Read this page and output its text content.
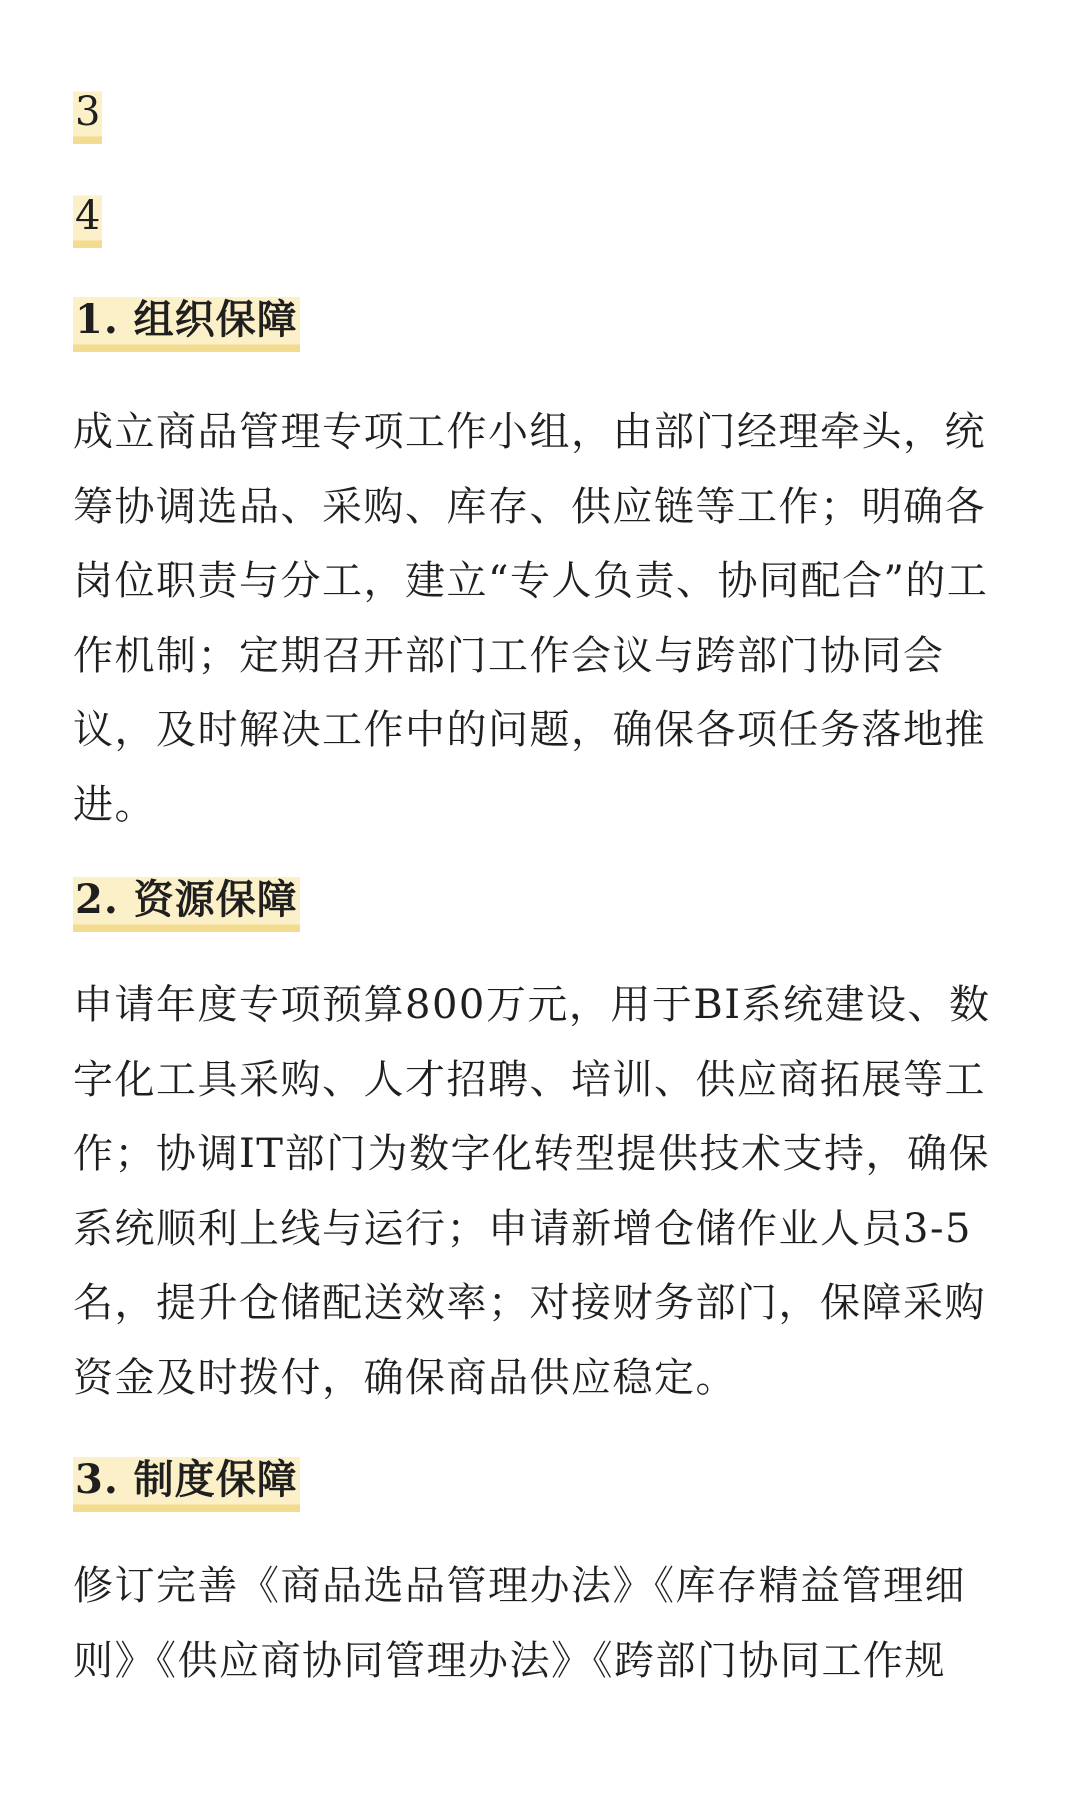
3
4
1. 组织保障
成立商品管理专项工作小组，由部门经理牵头，统筹协调选品、采购、库存、供应链等工作；明确各岗位职责与分工，建立“专人负责、协同配合”的工作机制；定期召开部门工作会议与跨部门协同会议，及时解决工作中的问题，确保各项任务落地推进。
2. 资源保障
申请年度专项预算800万元，用于BI系统建设、数字化工具采购、人才招聘、培训、供应商拓展等工作；协调IT部门为数字化转型提供技术支持，确保系统顺利上线与运行；申请新增仓储作业人员3-5名，提升仓储配送效率；对接财务部门，保障采购资金及时拨付，确保商品供应稳定。
3. 制度保障
修订完善《商品选品管理办法》《库存精益管理细则》《供应商协同管理办法》《跨部门协同工作规
